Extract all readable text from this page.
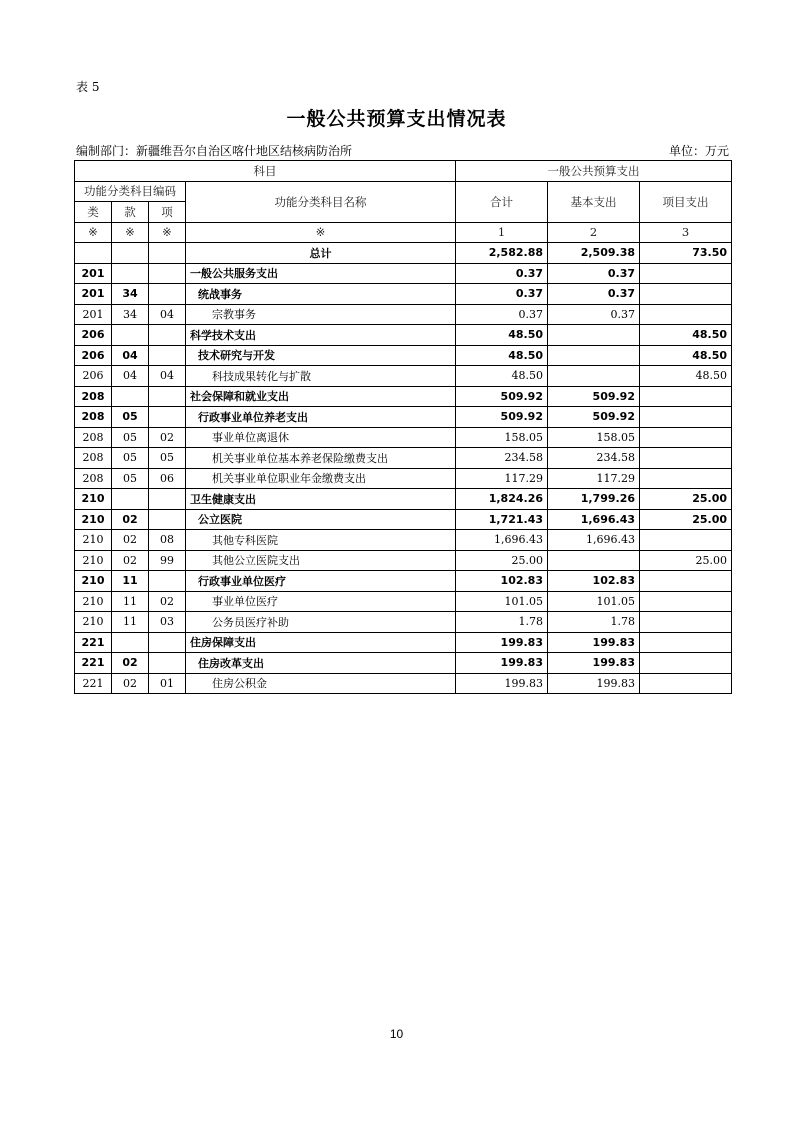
表 5
一般公共预算支出情况表
编制部门：新疆维吾尔自治区喀什地区结核病防治所	单位：万元
科目				一般公共预算支出		
功能分类科目编码			功能分类科目名称	合计	基本支出	项目支出
类	款	项				
※	※	※	※	1	2	3
			总计	2,582.88	2,509.38	73.50
201			一般公共服务支出	0.37	0.37	
201	34		统战事务	0.37	0.37	
201	34	04	宗教事务	0.37	0.37	
206			科学技术支出	48.50		48.50
206	04		技术研究与开发	48.50		48.50
206	04	04	科技成果转化与扩散	48.50		48.50
208			社会保障和就业支出	509.92	509.92	
208	05		行政事业单位养老支出	509.92	509.92	
208	05	02	事业单位离退休	158.05	158.05	
208	05	05	机关事业单位基本养老保险缴费支出	234.58	234.58	
208	05	06	机关事业单位职业年金缴费支出	117.29	117.29	
210			卫生健康支出	1,824.26	1,799.26	25.00
210	02		公立医院	1,721.43	1,696.43	25.00
210	02	08	其他专科医院	1,696.43	1,696.43	
210	02	99	其他公立医院支出	25.00		25.00
210	11		行政事业单位医疗	102.83	102.83	
210	11	02	事业单位医疗	101.05	101.05	
210	11	03	公务员医疗补助	1.78	1.78	
221			住房保障支出	199.83	199.83	
221	02		住房改革支出	199.83	199.83	
221	02	01	住房公积金	199.83	199.83	
10
